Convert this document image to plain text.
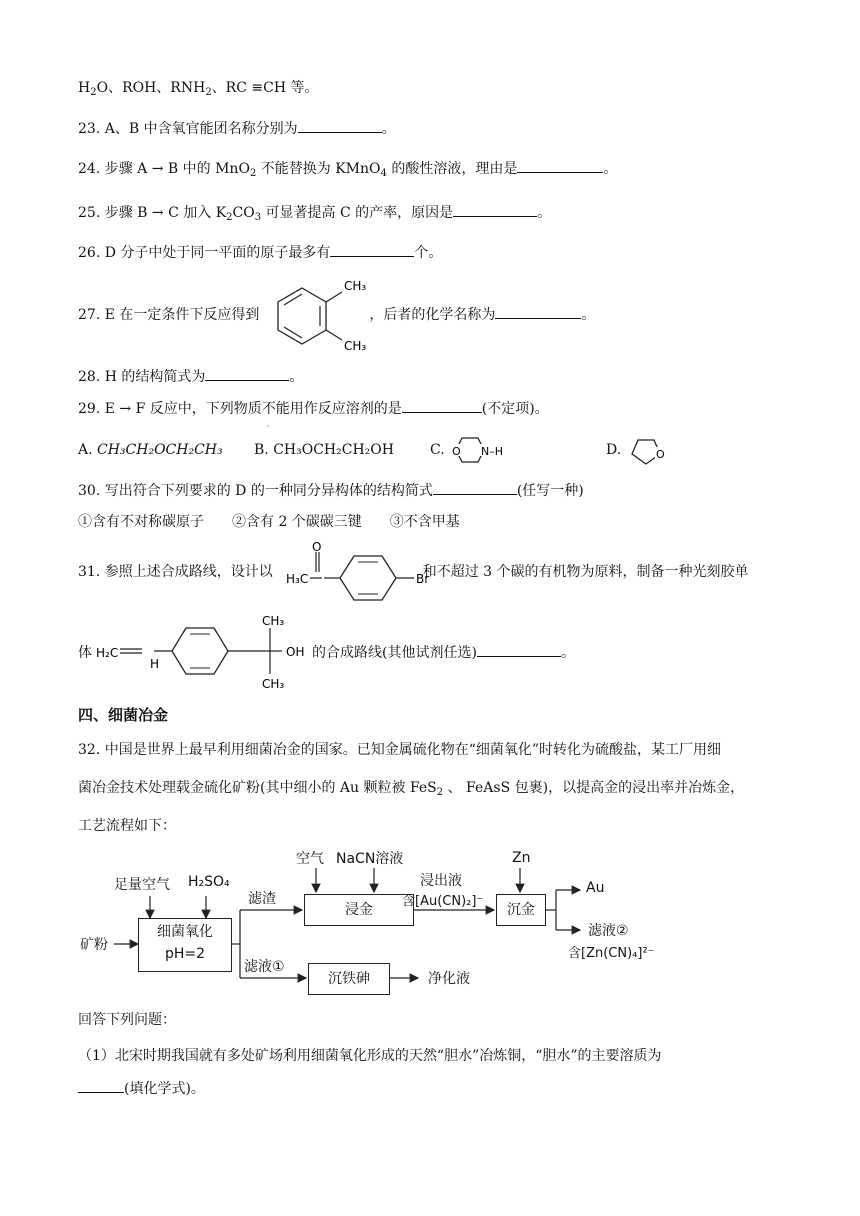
$H_2O$、ROH、$RNH_2$、RC ≡CH 等。
23. A、B 中含氧官能团名称分别为	。
24. 步骤 A → B 中的 MnO$_2$ 不能替换为 KMnO$_4$ 的酸性溶液，理由是	。
25. 步骤 B → C 加入 $K_2CO_3$ 可显著提高 C 的产率，原因是	。
26. D 分子中处于同一平面的原子最多有	个。
27. E 在一定条件下反应得到	，后者的化学名称为	。
CH₃
CH₃
28. H 的结构简式为	。
29. E → F 反应中，下列物质不
·
能用作反应溶剂的是	(不定项)。
A. CH₃CH₂OCH₂CH₃ B. CH₃OCH₂CH₂OH	C. O N–H	D.	O
30. 写出符合下列要求的 D 的一种同分异构体的结构简式	(任写一种)
①含有不对称碳原子　　②含有 2 个碳碳三键　　③不含甲基
31. 参照上述合成路线，设计以	和不超过 3 个碳的有机物为原料，制备一种光刻胶单
H₃C
O
Br
体	的合成路线(其他试剂任选)	。
H₂C
H
CH₃
CH₃
OH
四、细菌冶金
32. 中国是世界上最早利用细菌冶金的国家。已知金属硫化物在“细菌氧化”时转化为硫酸盐，某工厂用细
菌冶金技术处理载金硫化矿粉(其中细小的 Au 颗粒被 FeS$_2$ 、 FeAsS 包裹)，以提高金的浸出率并冶炼金，
工艺流程如下：
矿粉
足量空气 H₂SO₄
细菌氧化
pH=2
滤渣
滤液①
空气 NaCN溶液
浸金
浸出液
含[Au(CN)₂]⁻
Zn
沉金
Au
滤液②
含[Zn(CN)₄]²⁻
沉铁砷	净化液
回答下列问题：
（1）北宋时期我国就有多处矿场利用细菌氧化形成的天然“胆水”冶炼铜，“胆水”的主要溶质为
(填化学式)。
